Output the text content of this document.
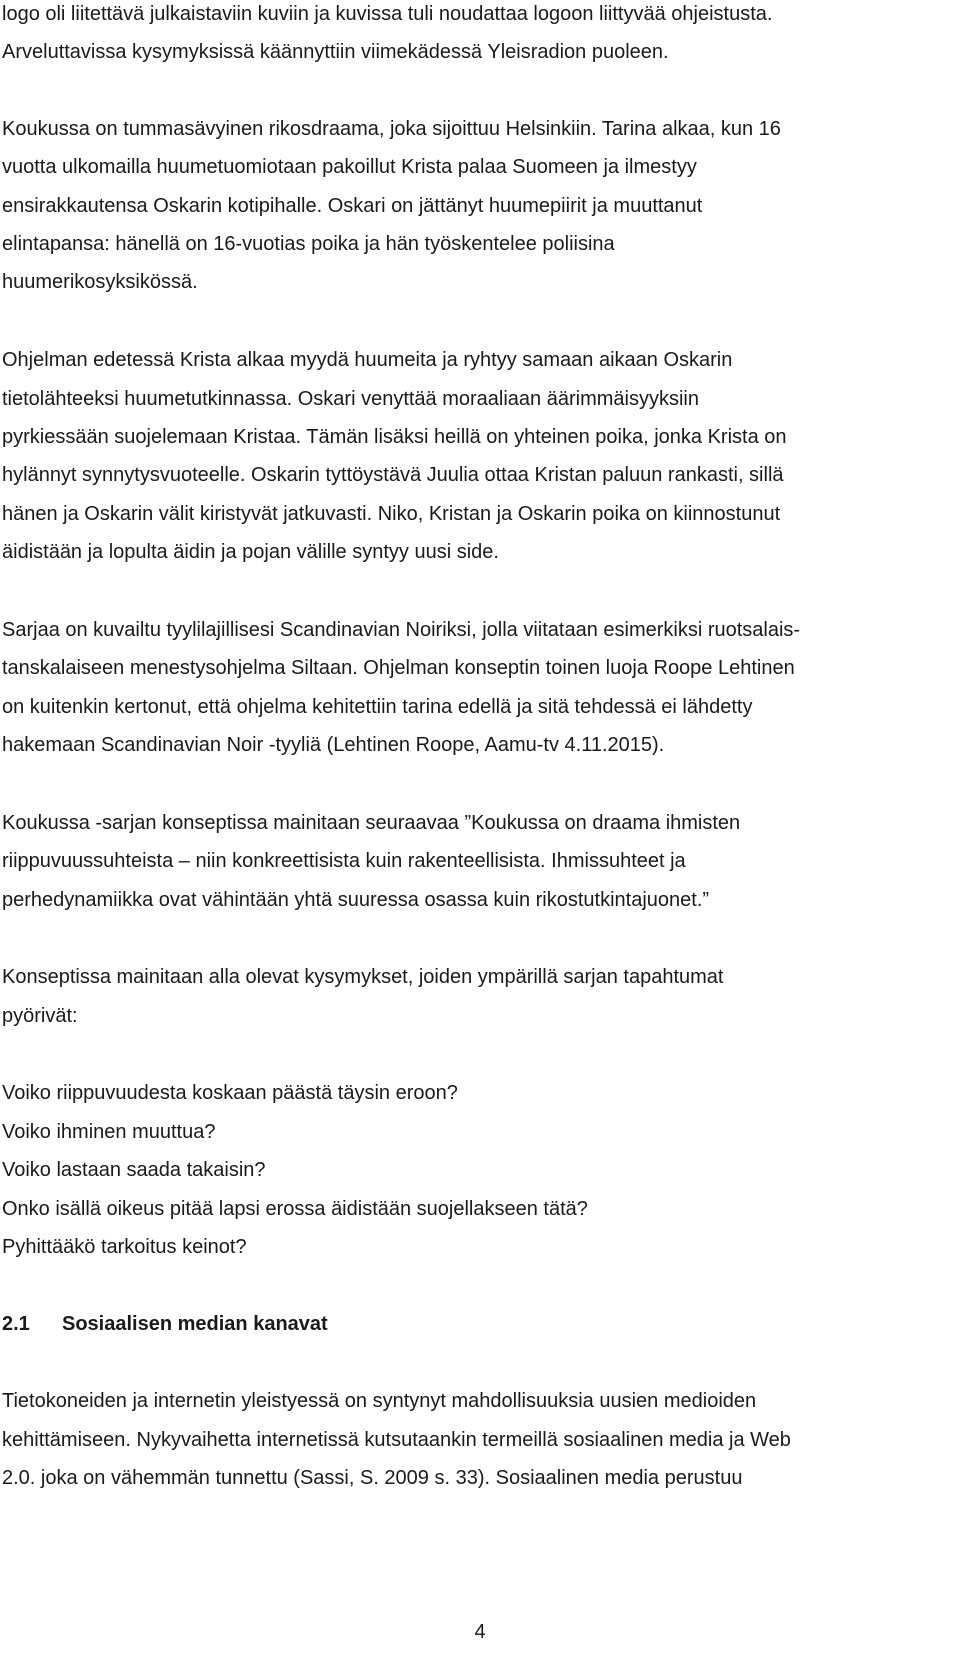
logo oli liitettävä julkaistaviin kuviin ja kuvissa tuli noudattaa logoon liittyvää ohjeistusta.
Arveluttavissa kysymyksissä käännyttiin viimekädessä Yleisradion puoleen.
Koukussa on tummasävyinen rikosdraama, joka sijoittuu Helsinkiin. Tarina alkaa, kun 16
vuotta ulkomailla huumetuomiotaan pakoillut Krista palaa Suomeen ja ilmestyy
ensirakkautensa Oskarin kotipihalle. Oskari on jättänyt huumepiirit ja muuttanut
elintapansa: hänellä on 16-vuotias poika ja hän työskentelee poliisina
huumerikosyksikössä.
Ohjelman edetessä Krista alkaa myydä huumeita ja ryhtyy samaan aikaan Oskarin
tietolähteeksi huumetutkinnassa. Oskari venyttää moraaliaan äärimmäisyyksiin
pyrkiessään suojelemaan Kristaa. Tämän lisäksi heillä on yhteinen poika, jonka Krista on
hylännyt synnytysvuoteelle. Oskarin tyttöystävä Juulia ottaa Kristan paluun rankasti, sillä
hänen ja Oskarin välit kiristyvät jatkuvasti. Niko, Kristan ja Oskarin poika on kiinnostunut
äidistään ja lopulta äidin ja pojan välille syntyy uusi side.
Sarjaa on kuvailtu tyylilajillisesi Scandinavian Noiriksi, jolla viitataan esimerkiksi ruotsalais-
tanskalaiseen menestysohjelma Siltaan. Ohjelman konseptin toinen luoja Roope Lehtinen
on kuitenkin kertonut, että ohjelma kehitettiin tarina edellä ja sitä tehdessä ei lähdetty
hakemaan Scandinavian Noir -tyyliä (Lehtinen Roope, Aamu-tv 4.11.2015).
Koukussa -sarjan konseptissa mainitaan seuraavaa ”Koukussa on draama ihmisten
riippuvuussuhteista – niin konkreettisista kuin rakenteellisista. Ihmissuhteet ja
perhedynamiikka ovat vähintään yhtä suuressa osassa kuin rikostutkintajuonet.”
Konseptissa mainitaan alla olevat kysymykset, joiden ympärillä sarjan tapahtumat
pyörivät:
Voiko riippuvuudesta koskaan päästä täysin eroon?
Voiko ihminen muuttua?
Voiko lastaan saada takaisin?
Onko isällä oikeus pitää lapsi erossa äidistään suojellakseen tätä?
Pyhittääkö tarkoitus keinot?
2.1 Sosiaalisen median kanavat
Tietokoneiden ja internetin yleistyessä on syntynyt mahdollisuuksia uusien medioiden
kehittämiseen. Nykyvaihetta internetissä kutsutaankin termeillä sosiaalinen media ja Web
2.0. joka on vähemmän tunnettu (Sassi, S. 2009 s. 33). Sosiaalinen media perustuu
4
